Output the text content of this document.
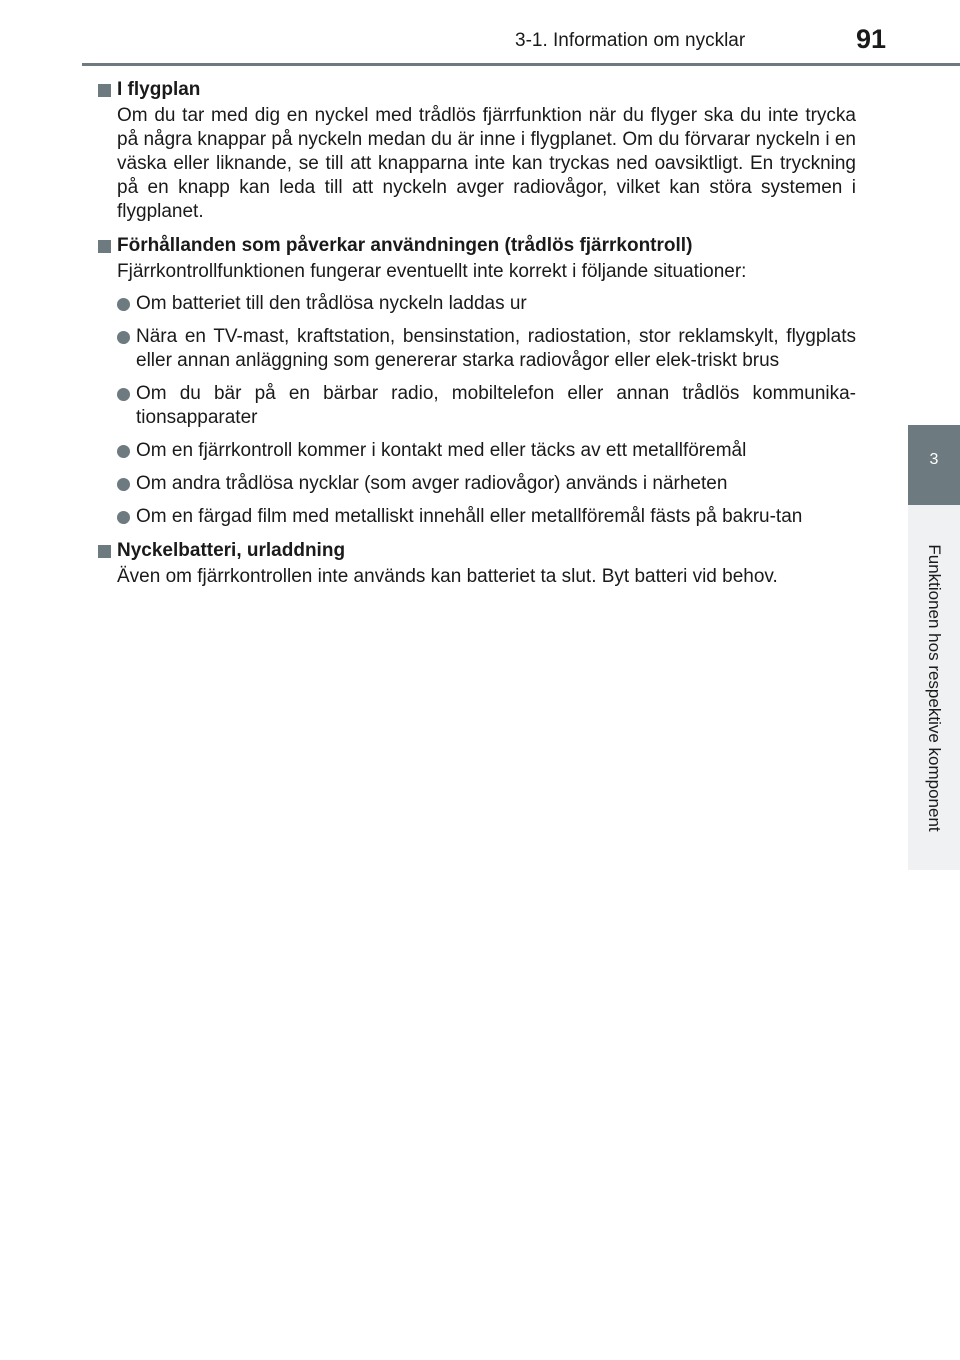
3-1. Information om nycklar	91
3
Funktionen hos respektive komponent
I flygplan

Om du tar med dig en nyckel med trådlös fjärrfunktion när du flyger ska du inte trycka på några knappar på nyckeln medan du är inne i flygplanet. Om du förvarar nyckeln i en väska eller liknande, se till att knapparna inte kan tryckas ned oavsiktligt. En tryckning på en knapp kan leda till att nyckeln avger radiovågor, vilket kan störa systemen i flygplanet.

Förhållanden som påverkar användningen (trådlös fjärrkontroll)

Fjärrkontrollfunktionen fungerar eventuellt inte korrekt i följande situationer:

Om batteriet till den trådlösa nyckeln laddas ur
Nära en TV-mast, kraftstation, bensinstation, radiostation, stor reklamskylt, flygplats eller annan anläggning som genererar starka radiovågor eller elek-triskt brus
Om du bär på en bärbar radio, mobiltelefon eller annan trådlös kommunika-tionsapparater
Om en fjärrkontroll kommer i kontakt med eller täcks av ett metallföremål
Om andra trådlösa nycklar (som avger radiovågor) används i närheten
Om en färgad film med metalliskt innehåll eller metallföremål fästs på bakru-tan
Nyckelbatteri, urladdning

Även om fjärrkontrollen inte används kan batteriet ta slut. Byt batteri vid behov.
